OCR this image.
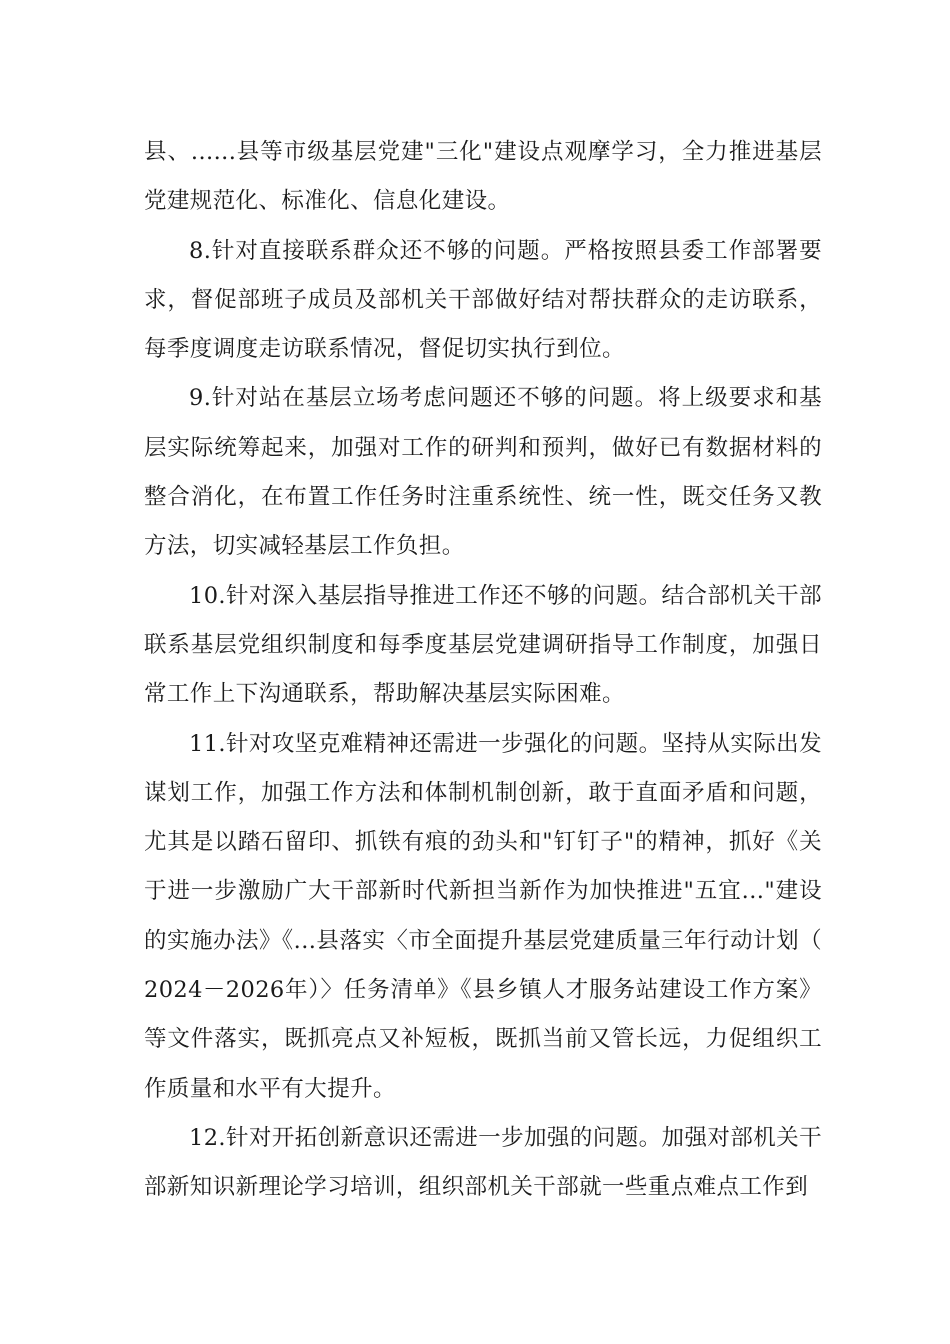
县、......县等市级基层党建"三化"建设点观摩学习，全力推进基层党建规范化、标准化、信息化建设。

8.针对直接联系群众还不够的问题。严格按照县委工作部署要求，督促部班子成员及部机关干部做好结对帮扶群众的走访联系，每季度调度走访联系情况，督促切实执行到位。

9.针对站在基层立场考虑问题还不够的问题。将上级要求和基层实际统筹起来，加强对工作的研判和预判，做好已有数据材料的整合消化，在布置工作任务时注重系统性、统一性，既交任务又教方法，切实减轻基层工作负担。

10.针对深入基层指导推进工作还不够的问题。结合部机关干部联系基层党组织制度和每季度基层党建调研指导工作制度，加强日常工作上下沟通联系，帮助解决基层实际困难。

11.针对攻坚克难精神还需进一步强化的问题。坚持从实际出发谋划工作，加强工作方法和体制机制创新，敢于直面矛盾和问题，尤其是以踏石留印、抓铁有痕的劲头和"钉钉子"的精神，抓好《关于进一步激励广大干部新时代新担当新作为加快推进"五宜..."建设的实施办法》《...县落实〈市全面提升基层党建质量三年行动计划（2024－2026年）〉任务清单》《县乡镇人才服务站建设工作方案》等文件落实，既抓亮点又补短板，既抓当前又管长远，力促组织工作质量和水平有大提升。

12.针对开拓创新意识还需进一步加强的问题。加强对部机关干部新知识新理论学习培训，组织部机关干部就一些重点难点工作到
